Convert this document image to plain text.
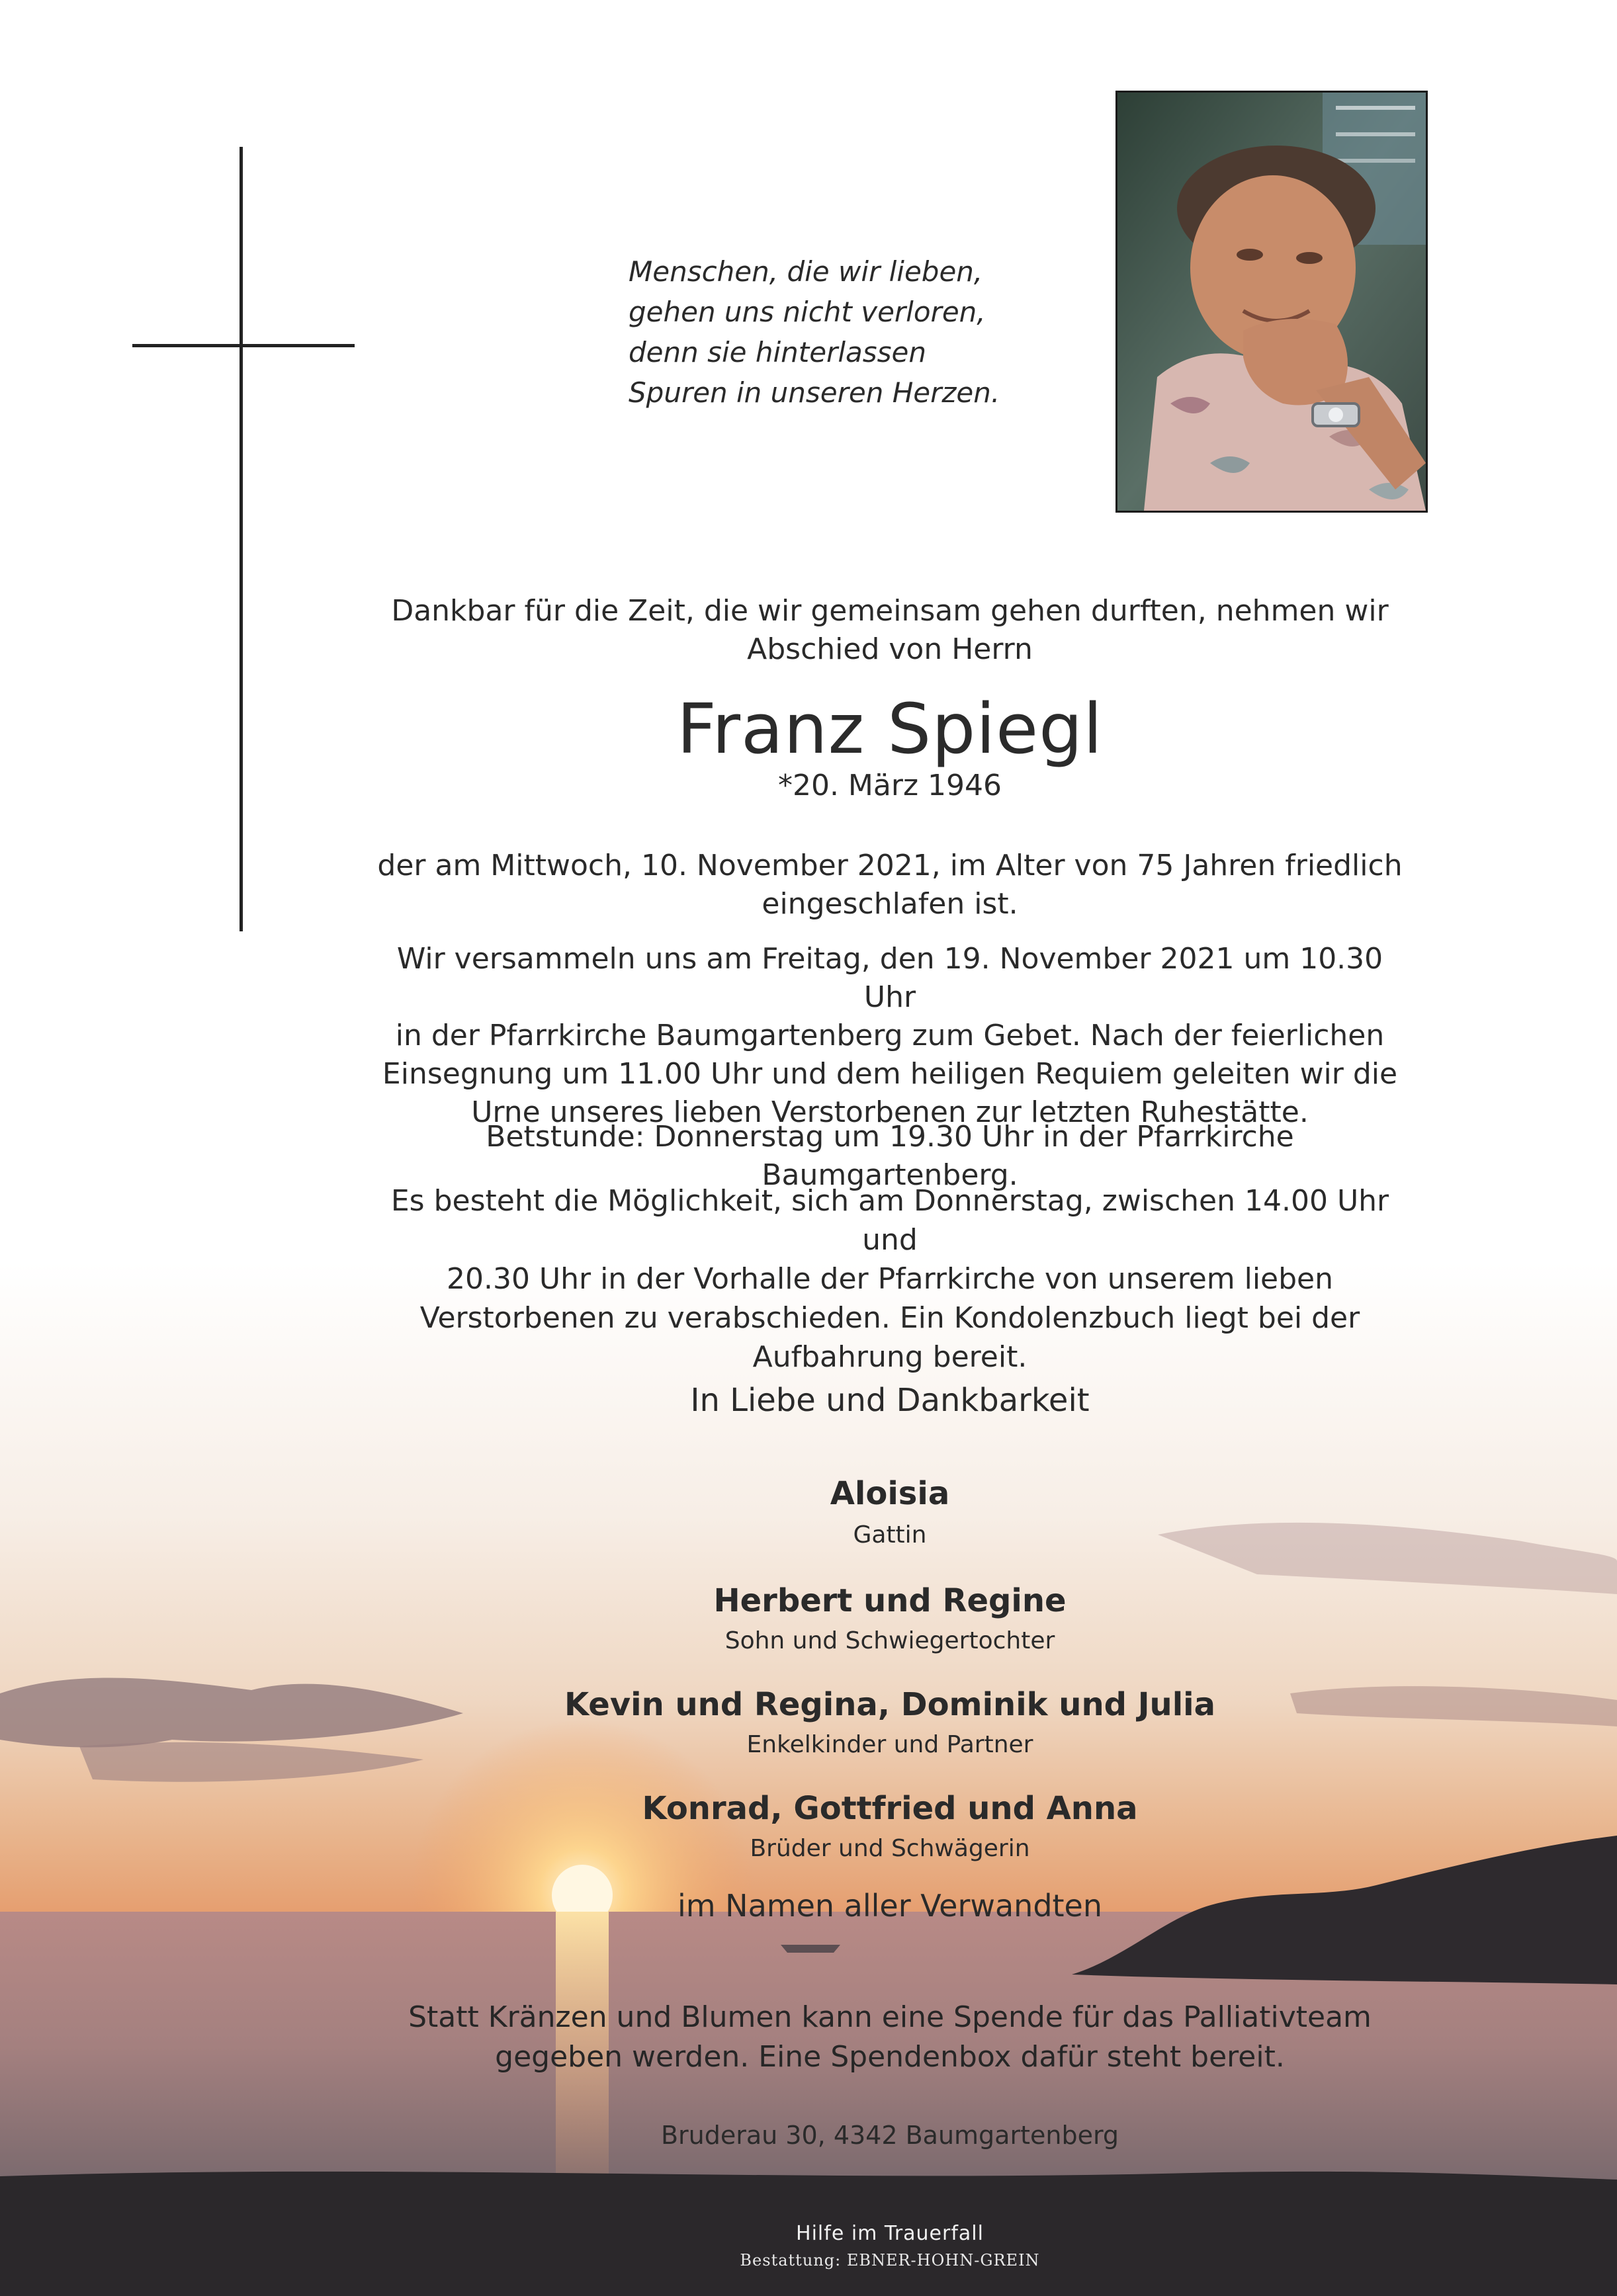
Menschen, die wir lieben,
gehen uns nicht verloren,
denn sie hinterlassen
Spuren in unseren Herzen.
Dankbar für die Zeit, die wir gemeinsam gehen durften, nehmen wir
Abschied von Herrn
Franz Spiegl
*20. März 1946
der am Mittwoch, 10. November 2021, im Alter von 75 Jahren friedlich
eingeschlafen ist.
Wir versammeln uns am Freitag, den 19. November 2021 um 10.30 Uhr
in der Pfarrkirche Baumgartenberg zum Gebet. Nach der feierlichen
Einsegnung um 11.00 Uhr und dem heiligen Requiem geleiten wir die
Urne unseres lieben Verstorbenen zur letzten Ruhestätte.
Betstunde: Donnerstag um 19.30 Uhr in der Pfarrkirche Baumgartenberg.
Es besteht die Möglichkeit, sich am Donnerstag, zwischen 14.00 Uhr und
20.30 Uhr in der Vorhalle der Pfarrkirche von unserem lieben
Verstorbenen zu verabschieden. Ein Kondolenzbuch liegt bei der
Aufbahrung bereit.
In Liebe und Dankbarkeit
Aloisia
Gattin
Herbert und Regine
Sohn und Schwiegertochter
Kevin und Regina, Dominik und Julia
Enkelkinder und Partner
Konrad, Gottfried und Anna
Brüder und Schwägerin
im Namen aller Verwandten
Statt Kränzen und Blumen kann eine Spende für das Palliativteam
gegeben werden. Eine Spendenbox dafür steht bereit.
Bruderau 30, 4342 Baumgartenberg
Hilfe im Trauerfall
Bestattung: EBNER-HOHN-GREIN
